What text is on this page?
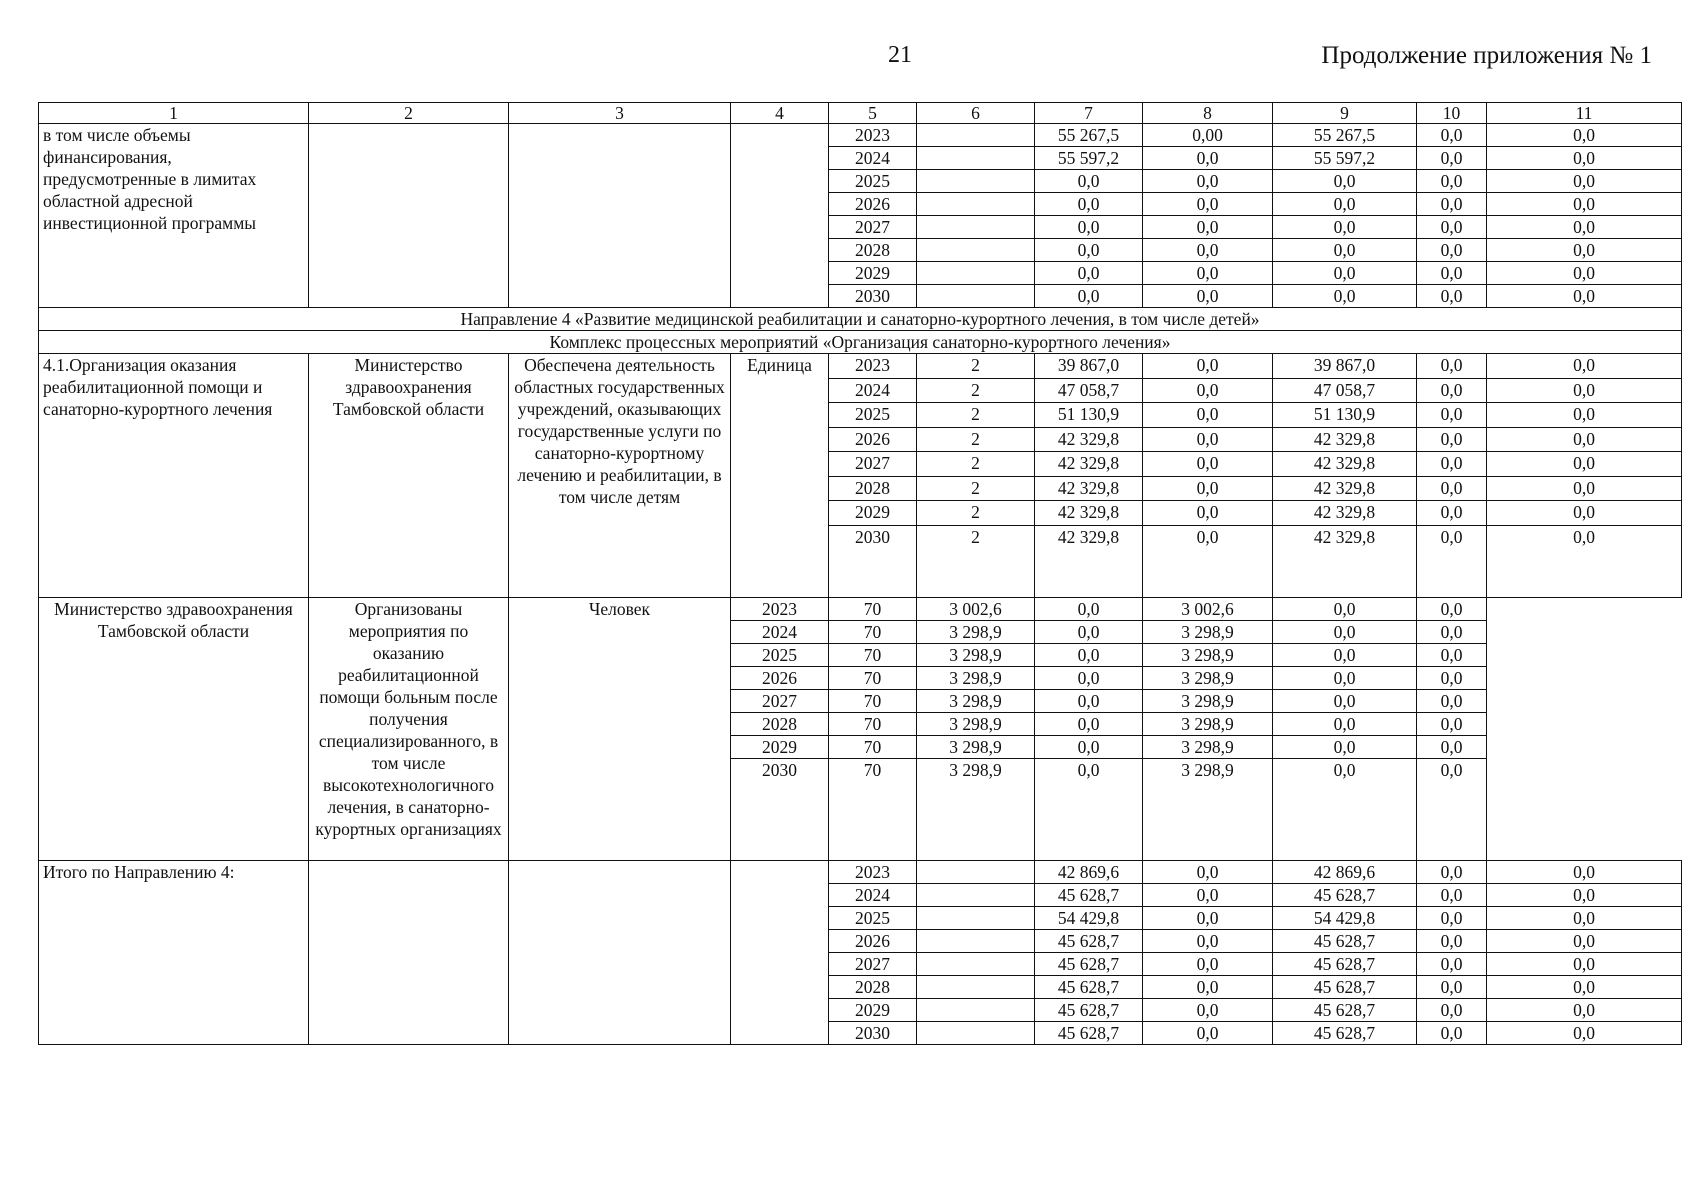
21	Продолжение приложения № 1
1	2	3	4	5	6	7	8	9	10	11
в том числе объемы финансирования, предусмотренные в лимитах областной адресной инвестиционной программы				2023		55 267,5	0,00	55 267,5	0,0	0,0
				2024		55 597,2	0,0	55 597,2	0,0	0,0
				2025		0,0	0,0	0,0	0,0	0,0
				2026		0,0	0,0	0,0	0,0	0,0
				2027		0,0	0,0	0,0	0,0	0,0
				2028		0,0	0,0	0,0	0,0	0,0
				2029		0,0	0,0	0,0	0,0	0,0
				2030		0,0	0,0	0,0	0,0	0,0
Направление 4 «Развитие медицинской реабилитации и санаторно-курортного лечения, в том числе детей»										
Комплекс процессных мероприятий «Организация санаторно-курортного лечения»										
4.1.Организация оказания реабилитационной помощи и санаторно-курортного лечения	Министерство здравоохранения Тамбовской области	Обеспечена деятельность областных государственных учреждений, оказывающих государственные услуги по санаторно-курортному лечению и реабилитации, в том числе детям	Единица	2023	2	39 867,0	0,0	39 867,0	0,0	0,0
				2024	2	47 058,7	0,0	47 058,7	0,0	0,0
				2025	2	51 130,9	0,0	51 130,9	0,0	0,0
				2026	2	42 329,8	0,0	42 329,8	0,0	0,0
				2027	2	42 329,8	0,0	42 329,8	0,0	0,0
				2028	2	42 329,8	0,0	42 329,8	0,0	0,0
				2029	2	42 329,8	0,0	42 329,8	0,0	0,0
				2030	2	42 329,8	0,0	42 329,8	0,0	0,0
Министерство здравоохранения Тамбовской области	Организованы мероприятия по оказанию реабилитационной помощи больным после получения специализированного, в том числе высокотехнологичного лечения, в санаторно-курортных организациях	Человек	2023	70	3 002,6	0,0	3 002,6	0,0	0,0	
			2024	70	3 298,9	0,0	3 298,9	0,0	0,0	
			2025	70	3 298,9	0,0	3 298,9	0,0	0,0	
			2026	70	3 298,9	0,0	3 298,9	0,0	0,0	
			2027	70	3 298,9	0,0	3 298,9	0,0	0,0	
			2028	70	3 298,9	0,0	3 298,9	0,0	0,0	
			2029	70	3 298,9	0,0	3 298,9	0,0	0,0	
			2030	70	3 298,9	0,0	3 298,9	0,0	0,0	
Итого по Направлению 4:				2023		42 869,6	0,0	42 869,6	0,0	0,0
				2024		45 628,7	0,0	45 628,7	0,0	0,0
				2025		54 429,8	0,0	54 429,8	0,0	0,0
				2026		45 628,7	0,0	45 628,7	0,0	0,0
				2027		45 628,7	0,0	45 628,7	0,0	0,0
				2028		45 628,7	0,0	45 628,7	0,0	0,0
				2029		45 628,7	0,0	45 628,7	0,0	0,0
				2030		45 628,7	0,0	45 628,7	0,0	0,0
